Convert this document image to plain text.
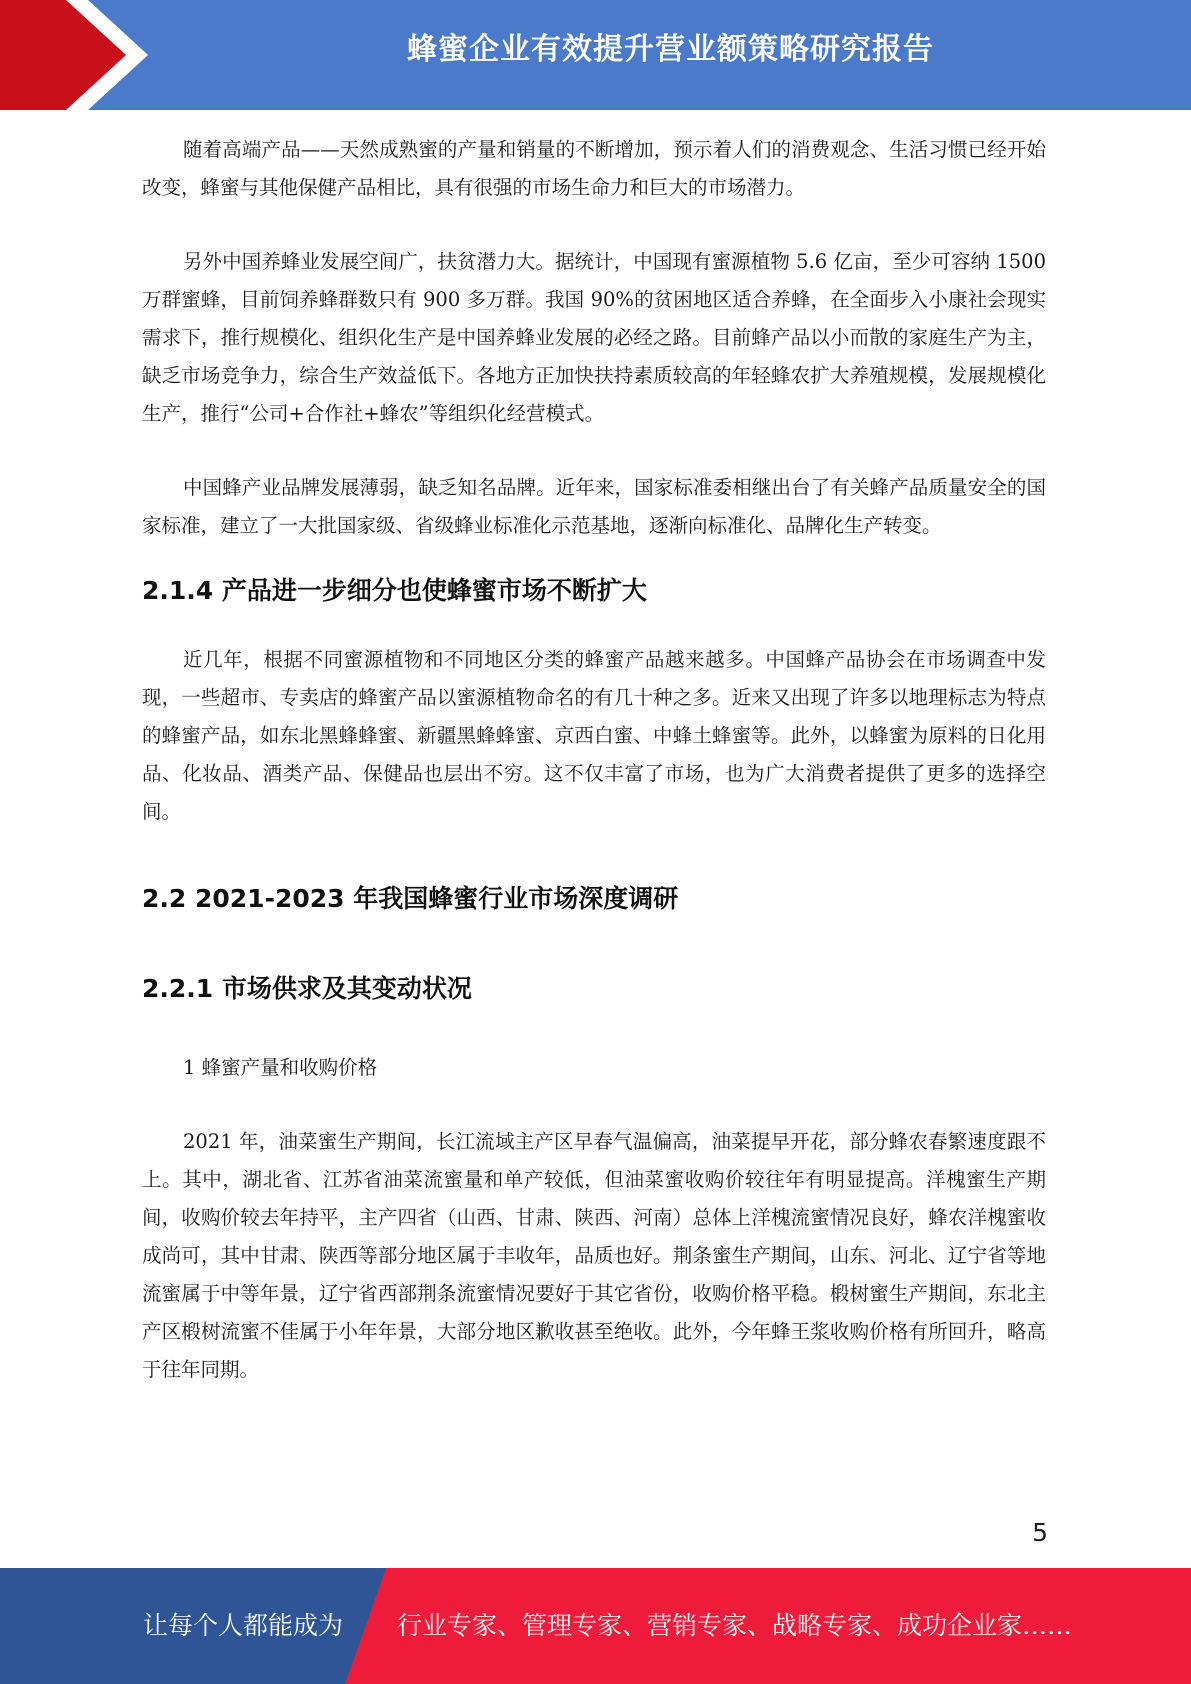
蜂蜜企业有效提升营业额策略研究报告

随着高端产品——天然成熟蜜的产量和销量的不断增加，预示着人们的消费观念、生活习惯已经开始改变，蜂蜜与其他保健产品相比，具有很强的市场生命力和巨大的市场潜力。

另外中国养蜂业发展空间广，扶贫潜力大。据统计，中国现有蜜源植物 5.6 亿亩，至少可容纳 1500 万群蜜蜂，目前饲养蜂群数只有 900 多万群。我国 90%的贫困地区适合养蜂，在全面步入小康社会现实需求下，推行规模化、组织化生产是中国养蜂业发展的必经之路。目前蜂产品以小而散的家庭生产为主，缺乏市场竞争力，综合生产效益低下。各地方正加快扶持素质较高的年轻蜂农扩大养殖规模，发展规模化生产，推行“公司+合作社+蜂农”等组织化经营模式。

中国蜂产业品牌发展薄弱，缺乏知名品牌。近年来，国家标准委相继出台了有关蜂产品质量安全的国家标准，建立了一大批国家级、省级蜂业标准化示范基地，逐渐向标准化、品牌化生产转变。

2.1.4 产品进一步细分也使蜂蜜市场不断扩大

近几年，根据不同蜜源植物和不同地区分类的蜂蜜产品越来越多。中国蜂产品协会在市场调查中发现，一些超市、专卖店的蜂蜜产品以蜜源植物命名的有几十种之多。近来又出现了许多以地理标志为特点的蜂蜜产品，如东北黑蜂蜂蜜、新疆黑蜂蜂蜜、京西白蜜、中蜂土蜂蜜等。此外，以蜂蜜为原料的日化用品、化妆品、酒类产品、保健品也层出不穷。这不仅丰富了市场，也为广大消费者提供了更多的选择空间。

2.2 2021-2023 年我国蜂蜜行业市场深度调研
2.2.1 市场供求及其变动状况

1 蜂蜜产量和收购价格

2021 年，油菜蜜生产期间，长江流域主产区早春气温偏高，油菜提早开花，部分蜂农春繁速度跟不上。其中，湖北省、江苏省油菜流蜜量和单产较低，但油菜蜜收购价较往年有明显提高。洋槐蜜生产期间，收购价较去年持平，主产四省（山西、甘肃、陕西、河南）总体上洋槐流蜜情况良好，蜂农洋槐蜜收成尚可，其中甘肃、陕西等部分地区属于丰收年，品质也好。荆条蜜生产期间，山东、河北、辽宁省等地流蜜属于中等年景，辽宁省西部荆条流蜜情况要好于其它省份，收购价格平稳。椴树蜜生产期间，东北主产区椴树流蜜不佳属于小年年景，大部分地区歉收甚至绝收。此外，今年蜂王浆收购价格有所回升，略高于往年同期。

5
让每个人都能成为 行业专家、管理专家、营销专家、战略专家、成功企业家……
